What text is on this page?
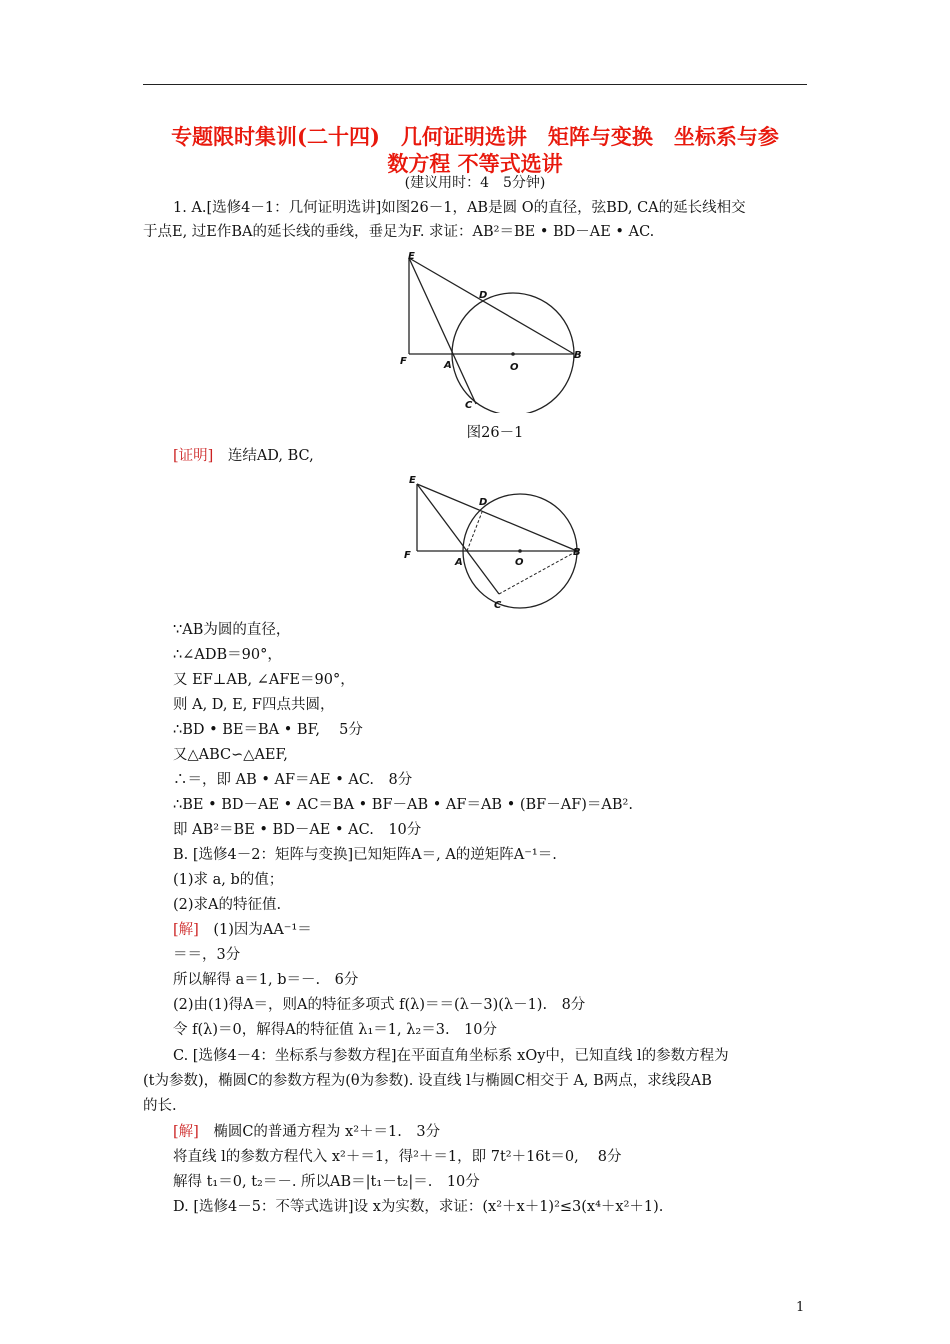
专题限时集训(二十四)　几何证明选讲　矩阵与变换　坐标系与参
数方程 不等式选讲
(建议用时：4　5分钟)
1. A.[选修4－1：几何证明选讲]如图26－1，AB是圆 O的直径，弦BD, CA的延长线相交
于点E, 过E作BA的延长线的垂线，垂足为F. 求证：AB²＝BE • BD－AE • AC.
E
D
F	A	O
B
C
图26－1
[证明]　连结AD, BC,
E
D
F
A	O
B
C
∵AB为圆的直径，
∴∠ADB＝90°，
又 EF⊥AB, ∠AFE＝90°，
则 A, D, E, F四点共圆，
∴BD • BE＝BA • BF,　 5分
又△ABC∽△AEF,
∴＝，即 AB • AF＝AE • AC.　8分
∴BE • BD－AE • AC＝BA • BF－AB • AF＝AB • (BF－AF)＝AB².
即 AB²＝BE • BD－AE • AC.　10分
B. [选修4－2：矩阵与变换]已知矩阵A＝, A的逆矩阵A⁻¹＝.
(1)求 a, b的值；
(2)求A的特征值.
[解]　(1)因为AA⁻¹＝
＝＝，3分
所以解得 a＝1, b＝－.　6分
(2)由(1)得A＝，则A的特征多项式 f(λ)＝＝(λ－3)(λ－1).　8分
令 f(λ)＝0，解得A的特征值 λ₁＝1, λ₂＝3.　10分
C. [选修4－4：坐标系与参数方程]在平面直角坐标系 xOy中，已知直线 l的参数方程为
(t为参数)，椭圆C的参数方程为(θ为参数). 设直线 l与椭圆C相交于 A, B两点，求线段AB
的长.
[解]　椭圆C的普通方程为 x²＋＝1.　3分
将直线 l的参数方程代入 x²＋＝1，得²＋＝1，即 7t²＋16t＝0,　 8分
解得 t₁＝0, t₂＝－. 所以AB＝|t₁－t₂|＝.　10分
D. [选修4－5：不等式选讲]设 x为实数，求证：(x²＋x＋1)²≤3(x⁴＋x²＋1).
1
